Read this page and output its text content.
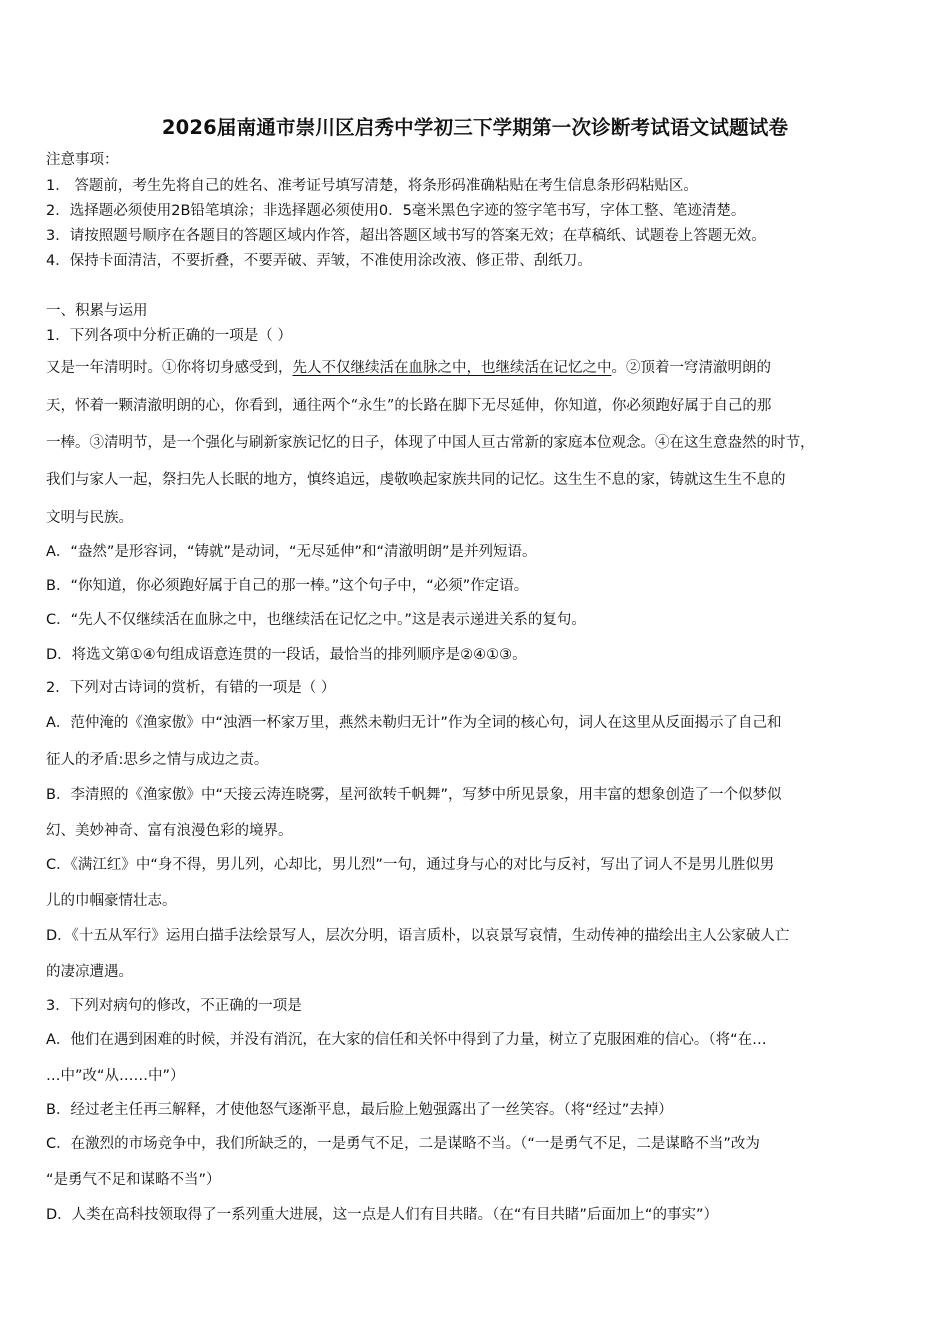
2026届南通市崇川区启秀中学初三下学期第一次诊断考试语文试题试卷
注意事项：
1． 答题前，考生先将自己的姓名、准考证号填写清楚，将条形码准确粘贴在考生信息条形码粘贴区。
2．选择题必须使用2B铅笔填涂；非选择题必须使用0．5毫米黑色字迹的签字笔书写，字体工整、笔迹清楚。
3．请按照题号顺序在各题目的答题区域内作答，超出答题区域书写的答案无效；在草稿纸、试题卷上答题无效。
4．保持卡面清洁，不要折叠，不要弄破、弄皱，不准使用涂改液、修正带、刮纸刀。
一、积累与运用
1．下列各项中分析正确的一项是（ ）
又是一年清明时。①你将切身感受到，先人不仅继续活在血脉之中，也继续活在记忆之中。②顶着一穹清澈明朗的
天，怀着一颗清澈明朗的心，你看到，通往两个“永生”的长路在脚下无尽延伸，你知道，你必须跑好属于自己的那
一棒。③清明节，是一个强化与刷新家族记忆的日子，体现了中国人亘古常新的家庭本位观念。④在这生意盎然的时节，
我们与家人一起，祭扫先人长眠的地方，慎终追远，虔敬唤起家族共同的记忆。这生生不息的家，铸就这生生不息的
文明与民族。
A．“盎然”是形容词，“铸就”是动词，“无尽延伸”和“清澈明朗”是并列短语。
B．“你知道，你必须跑好属于自己的那一棒。”这个句子中，“必须”作定语。
C．“先人不仅继续活在血脉之中，也继续活在记忆之中。”这是表示递进关系的复句。
D．将选文第①④句组成语意连贯的一段话，最恰当的排列顺序是②④①③。
2．下列对古诗词的赏析，有错的一项是（ ）
A．范仲淹的《渔家傲》中“浊酒一杯家万里，燕然未勒归无计”作为全词的核心句，词人在这里从反面揭示了自己和
征人的矛盾:思乡之情与成边之责。
B．李清照的《渔家傲》中“天接云涛连晓雾，星河欲转千帆舞”，写梦中所见景象，用丰富的想象创造了一个似梦似
幻、美妙神奇、富有浪漫色彩的境界。
C．《满江红》中“身不得，男儿列，心却比，男儿烈”一句，通过身与心的对比与反衬，写出了词人不是男儿胜似男
儿的巾帼豪情壮志。
D．《十五从军行》运用白描手法绘景写人，层次分明，语言质朴，以哀景写哀情，生动传神的描绘出主人公家破人亡
的凄凉遭遇。
3．下列对病句的修改，不正确的一项是
A．他们在遇到困难的时候，并没有消沉，在大家的信任和关怀中得到了力量，树立了克服困难的信心。（将“在…
…中”改“从……中”）
B．经过老主任再三解释，才使他怒气逐渐平息，最后脸上勉强露出了一丝笑容。（将“经过”去掉）
C．在激烈的市场竞争中，我们所缺乏的，一是勇气不足，二是谋略不当。（“一是勇气不足，二是谋略不当”改为
“是勇气不足和谋略不当”）
D．人类在高科技领取得了一系列重大进展，这一点是人们有目共睹。（在“有目共睹”后面加上“的事实”）
